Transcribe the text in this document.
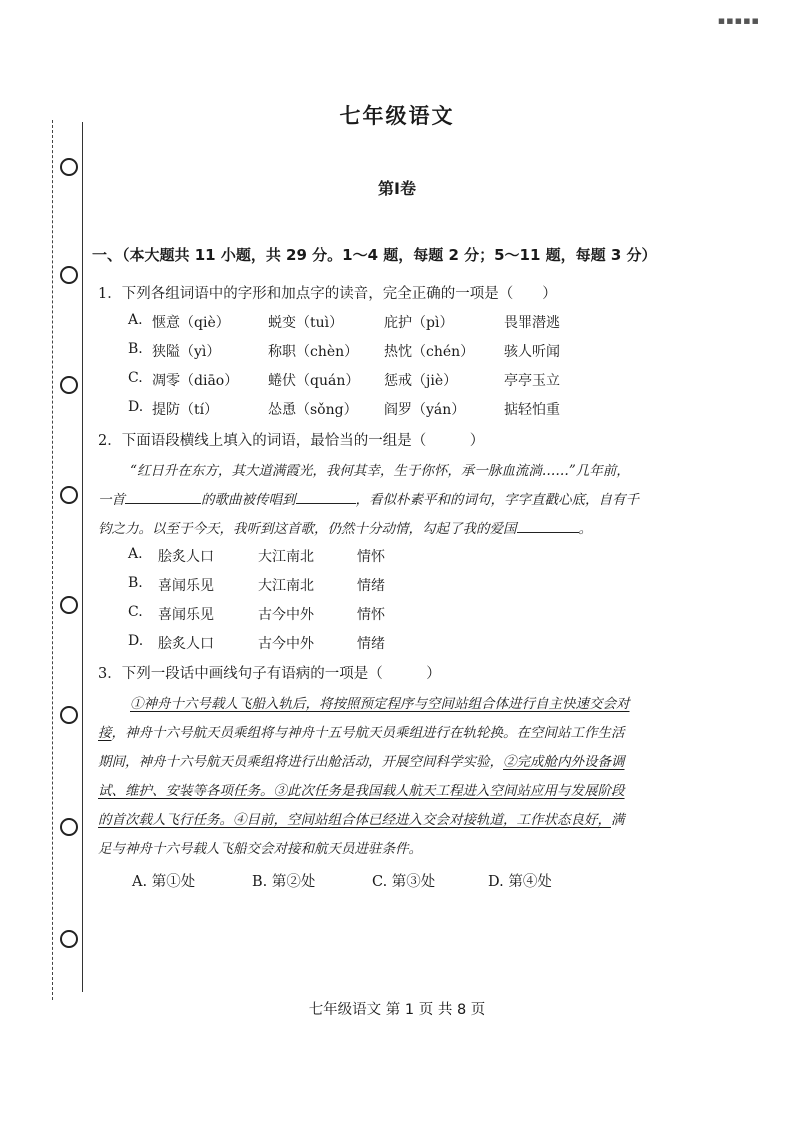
▪▪▪▪▪
七年级语文
第Ⅰ卷
一、（本大题共 11 小题，共 29 分。1～4 题，每题 2 分；5～11 题，每题 3 分）
1．下列各组词语中的字形和加点字的读音，完全正确的一项是（　　）
A. 惬意（qiè）	蜕变（tuì）	庇护（pì）	畏罪潜逃
B. 狭隘（yì）	称职（chèn） 热忱（chén） 骇人听闻
C. 凋零（diāo） 蜷伏（quán） 惩戒（jiè）	亭亭玉立
D. 提防（tí）	怂恿（sǒng） 阎罗（yán）	掂轻怕重
2．下面语段横线上填入的词语，最恰当的一组是（　　　）
“红日升在东方，其大道满霞光，我何其幸，生于你怀，承一脉血流淌……”几年前，
一首	的歌曲被传唱到	，看似朴素平和的词句，字字直戳心底，自有千
钧之力。以至于今天，我听到这首歌，仍然十分动情，勾起了我的爱国	。
A. 脍炙人口	大江南北	情怀
B. 喜闻乐见	大江南北	情绪
C. 喜闻乐见	古今中外	情怀
D. 脍炙人口	古今中外	情绪
3．下列一段话中画线句子有语病的一项是（　　　）
①神舟十六号载人飞船入轨后，将按照预定程序与空间站组合体进行自主快速交会对
接，神舟十六号航天员乘组将与神舟十五号航天员乘组进行在轨轮换。在空间站工作生活
期间，神舟十六号航天员乘组将进行出舱活动，开展空间科学实验，②完成舱内外设备调
试、维护、安装等各项任务。③此次任务是我国载人航天工程进入空间站应用与发展阶段
的首次载人飞行任务。④目前，空间站组合体已经进入交会对接轨道，工作状态良好，满
足与神舟十六号载人飞船交会对接和航天员进驻条件。
A. 第①处	B. 第②处	C. 第③处	D. 第④处
七年级语文 第 1 页 共 8 页
